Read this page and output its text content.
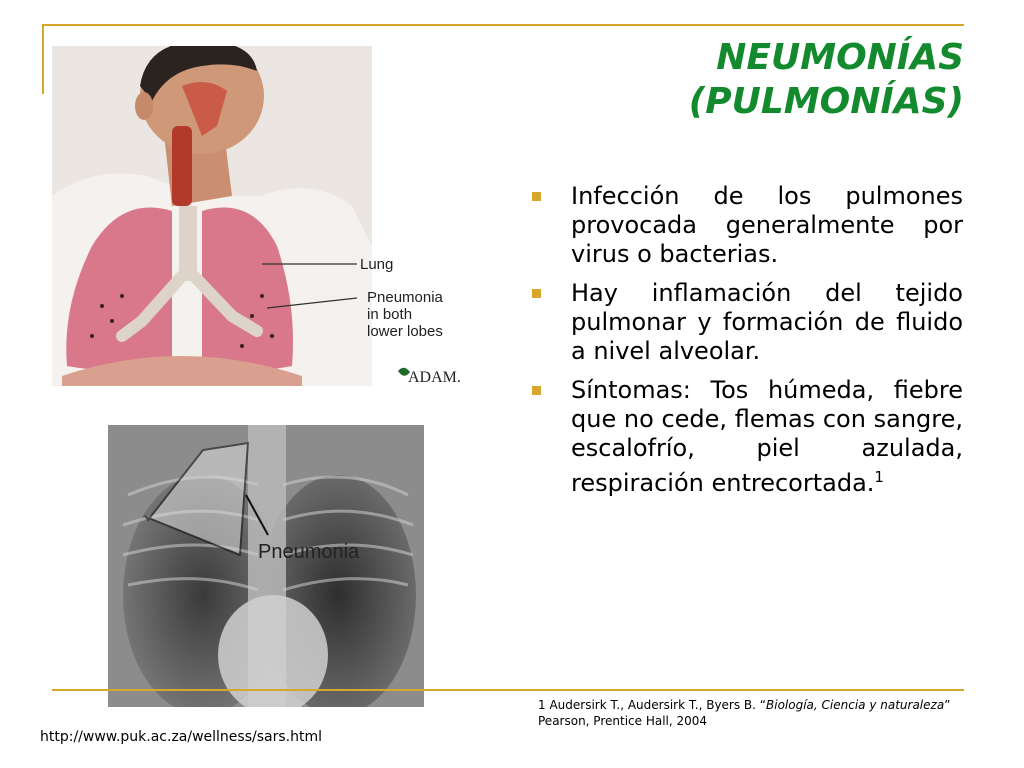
NEUMONÍAS
(PULMONÍAS)
Lung
Pneumonia
in both
lower lobes
ADAM.
Pneumonia
Infección de los pulmones provocada generalmente por virus o bacterias.
Hay inflamación del tejido pulmonar y formación de fluido a nivel alveolar.
Síntomas: Tos húmeda, fiebre que no cede, flemas con sangre, escalofrío, piel azulada, respiración entrecortada.$^1$
1 Audersirk T., Audersirk T., Byers B. “Biología, Ciencia y naturaleza”
Pearson, Prentice Hall, 2004
http://www.puk.ac.za/wellness/sars.html
